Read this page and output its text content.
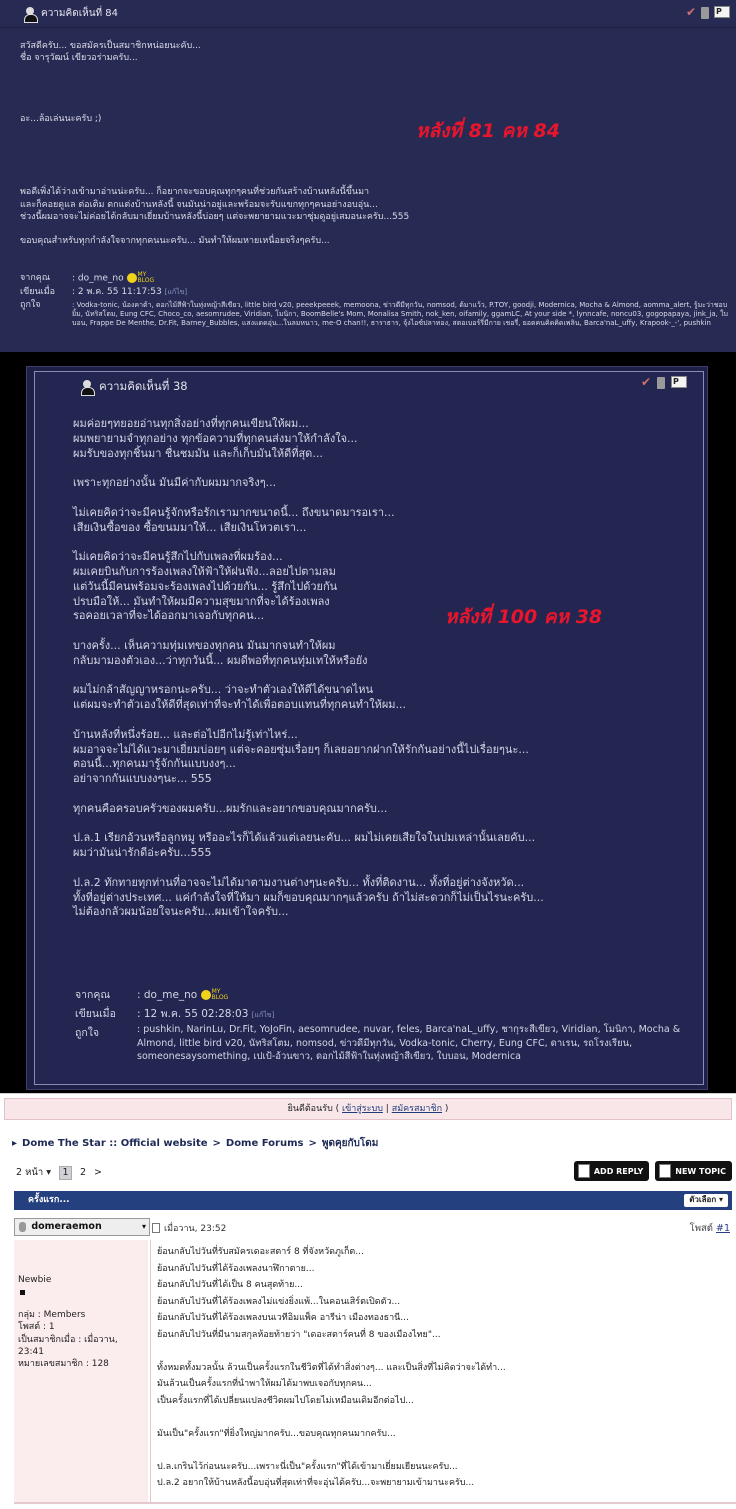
ความคิดเห็นที่ 84	✔	P

สวัสดีครับ... ขอสมัครเป็นสมาชิกหน่อยนะคับ...

ชื่อ จารุวัฒน์ เขียวอร่ามครับ...

อะ...ล้อเล่นนะครับ ;)

พอดีเพิ่งได้ว่างเข้ามาอ่านน่ะครับ... ก็อยากจะขอบคุณทุกๆคนที่ช่วยกันสร้างบ้านหลังนี้ขึ้นมา

และก็คอยดูแล ต่อเติม ตกแต่งบ้านหลังนี้ จนมันน่าอยู่และพร้อมจะรับแขกทุกๆคนอย่างอบอุ่น...

ช่วงนี้ผมอาจจะไม่ค่อยได้กลับมาเยี่ยมบ้านหลังนี้บ่อยๆ แต่จะพยายามแวะมาซุ่มดูอยู่เสมอนะครับ...555

ขอบคุณสำหรับทุกกำลังใจจากทุกคนนะครับ... มันทำให้ผมหายเหนื่อยจริงๆครับ...

หลังที่ 81 คห 84
จากคุณ	: do_me_no MY
BLOG
เขียนเมื่อ	: 2 พ.ค. 55 11:17:53 [แก้ไข]
ถูกใจ	: Vodka-tonic, น้องคาต้า, ดอกไม้สีฟ้าในทุ่งหญ้าสีเขียว, little bird v20, peeekpeeek, memoona, ข่าวดีมีทุกวัน, nomsod, ต้มาแว้ว, P.TOY, goodji, Modernica, Mocha & Almond, aomma_alert, รู้มะว่าชอบยิ้ม, นัทริสโตม, Eung CFC, Choco_co, aesomrudee, Viridian, โมนิกา, BoomBelle's Mom, Monalisa Smith, nok_ken, oifamily, ggamLC, At your side *, lynncafe, noncu03, gogopapaya, jink_ja, ใบบอน, Frappe De Menthe, Dr.Fit, Barney_Bubbles, แสงแดดอุ่น...ในลมหนาว, me-O chan!!, ธาราธาร, จุ้งไอซ์ปลาทอง, สตอเบอร์รี่มีกาย เชอรี่, ยอดคนคิดคิดเพลิน, Barca'naL_uffy, Krapook-_-', pushkin
ความคิดเห็นที่ 38	✔	P

ผมค่อยๆทยอยอ่านทุกสิ่งอย่างที่ทุกคนเขียนให้ผม...

ผมพยายามจำทุกอย่าง ทุกข้อความที่ทุกคนส่งมาให้กำลังใจ...

ผมรับของทุกชิ้นมา ชื่นชมมัน และก็เก็บมันให้ดีที่สุด...

เพราะทุกอย่างนั้น มันมีค่ากับผมมากจริงๆ...

ไม่เคยคิดว่าจะมีคนรู้จักหรือรักเรามากขนาดนี้... ถึงขนาดมารอเรา...

เสียเงินซื้อของ ซื้อขนมมาให้... เสียเงินโหวตเรา...

ไม่เคยคิดว่าจะมีคนรู้สึกไปกับเพลงที่ผมร้อง...

ผมเคยบินกับการร้องเพลงให้ฟ้าให้ฝนฟัง...ลอยไปตามลม

แต่วันนี้มีคนพร้อมจะร้องเพลงไปด้วยกัน... รู้สึกไปด้วยกัน

ปรบมือให้... มันทำให้ผมมีความสุขมากที่จะได้ร้องเพลง

รอคอยเวลาที่จะได้ออกมาเจอกับทุกคน...

บางครั้ง... เห็นความทุ่มเทของทุกคน มันมากจนทำให้ผม

กลับมามองตัวเอง...ว่าทุกวันนี้... ผมดีพอที่ทุกคนทุ่มเทให้หรือยัง

ผมไม่กล้าสัญญาหรอกนะครับ... ว่าจะทำตัวเองให้ดีได้ขนาดไหน

แต่ผมจะทำตัวเองให้ดีที่สุดเท่าที่จะทำได้เพื่อตอบแทนที่ทุกคนทำให้ผม...

บ้านหลังที่หนึ่งร้อย... และต่อไปอีกไม่รู้เท่าไหร่...

ผมอาจจะไม่ได้แวะมาเยี่ยมบ่อยๆ แต่จะคอยซุ่มเรื่อยๆ ก็เลยอยากฝากให้รักกันอย่างนี้ไปเรื่อยๆนะ...

ตอนนี้...ทุกคนมารู้จักกันแบบงงๆ...

อย่าจากกันแบบงงๆนะ... 555

ทุกคนคือครอบครัวของผมครับ...ผมรักและอยากขอบคุณมากครับ...

ป.ล.1 เรียกอ้วนหรือลูกหมู หรืออะไรก็ได้แล้วแต่เลยนะคับ... ผมไม่เคยเสียใจในปมเหล่านั้นเลยคับ...

ผมว่ามันน่ารักดีอ่ะครับ...555

ป.ล.2 ทักทายทุกท่านที่อาจจะไม่ได้มาตามงานต่างๆนะครับ... ทั้งที่ติดงาน... ทั้งที่อยู่ต่างจังหวัด...

ทั้งที่อยู่ต่างประเทศ... แค่กำลังใจที่ให้มา ผมก็ขอบคุณมากๆแล้วครับ ถ้าไม่สะดวกก็ไม่เป็นไรนะครับ...

ไม่ต้องกลัวผมน้อยใจนะครับ...ผมเข้าใจครับ...

หลังที่ 100 คห 38
จากคุณ	: do_me_no MY
BLOG
เขียนเมื่อ	: 12 พ.ค. 55 02:28:03 [แก้ไข]
ถูกใจ	: pushkin, NarinLu, Dr.Fit, YoJoFin, aesomrudee, nuvar, feles, Barca'naL_uffy, ชากุระสีเขียว, Viridian, โมนิกา, Mocha & Almond, little bird v20, นัทริสโตม, nomsod, ข่าวดีมีทุกวัน, Vodka-tonic, Cherry, Eung CFC, ดาเรน, รถโรงเรียน, someonesaysomething, เปเป้-อ้วนขาว, ดอกไม้สีฟ้าในทุ่งหญ้าสีเขียว, ใบบอน, Modernica
ยินดีต้อนรับ ( เข้าสู่ระบบ | สมัครสมาชิก )
▸ Dome The Star :: Official website > Dome Forums > พูดคุยกับโดม
2 หน้า ▾	1	2 >	ADD REPLY	NEW TOPIC
ครั้งแรก...	ตัวเลือก ▾
domeraemon	▾ เมื่อวาน, 23:52	โพสต์ #1
Newbie
กลุ่ม : Members
โพสต์ : 1
เป็นสมาชิกเมื่อ : เมื่อวาน, 23:41
หมายเลขสมาชิก : 128

ย้อนกลับไปวันที่รับสมัครเดอะสตาร์ 8 ที่จังหวัดภูเก็ต...

ย้อนกลับไปวันที่ได้ร้องเพลงนาฬิกาตาย...

ย้อนกลับไปวันที่ได้เป็น 8 คนสุดท้าย...

ย้อนกลับไปวันที่ได้ร้องเพลงไม่แข่งยิ่งแพ้...ในคอนเสิร์ตเปิดตัว...

ย้อนกลับไปวันที่ได้ร้องเพลงบนเวทีอิมแพ็ค อารีน่า เมืองทองธานี...

ย้อนกลับไปวันที่มีนามสกุลห้อยท้ายว่า "เดอะสตาร์คนที่ 8 ของเมืองไทย"...

ทั้งหมดทั้งมวลนั้น ล้วนเป็นครั้งแรกในชีวิตที่ได้ทำสิ่งต่างๆ... และเป็นสิ่งที่ไม่คิดว่าจะได้ทำ...

มันล้วนเป็นครั้งแรกที่นำพาให้ผมได้มาพบเจอกับทุกคน...

เป็นครั้งแรกที่ได้เปลี่ยนแปลงชีวิตผมไปโดยไม่เหมือนเดิมอีกต่อไป...

มันเป็น"ครั้งแรก"ที่ยิ่งใหญ่มากครับ...ขอบคุณทุกคนมากครับ...

ป.ล.เกรินไว้ก่อนนะครับ...เพราะนี่เป็น"ครั้งแรก"ที่ได้เข้ามาเยี่ยมเยียนนะครับ...

ป.ล.2 อยากให้บ้านหลังนี้อบอุ่นที่สุดเท่าที่จะอุ่นได้ครับ...จะพยายามเข้ามานะครับ...
